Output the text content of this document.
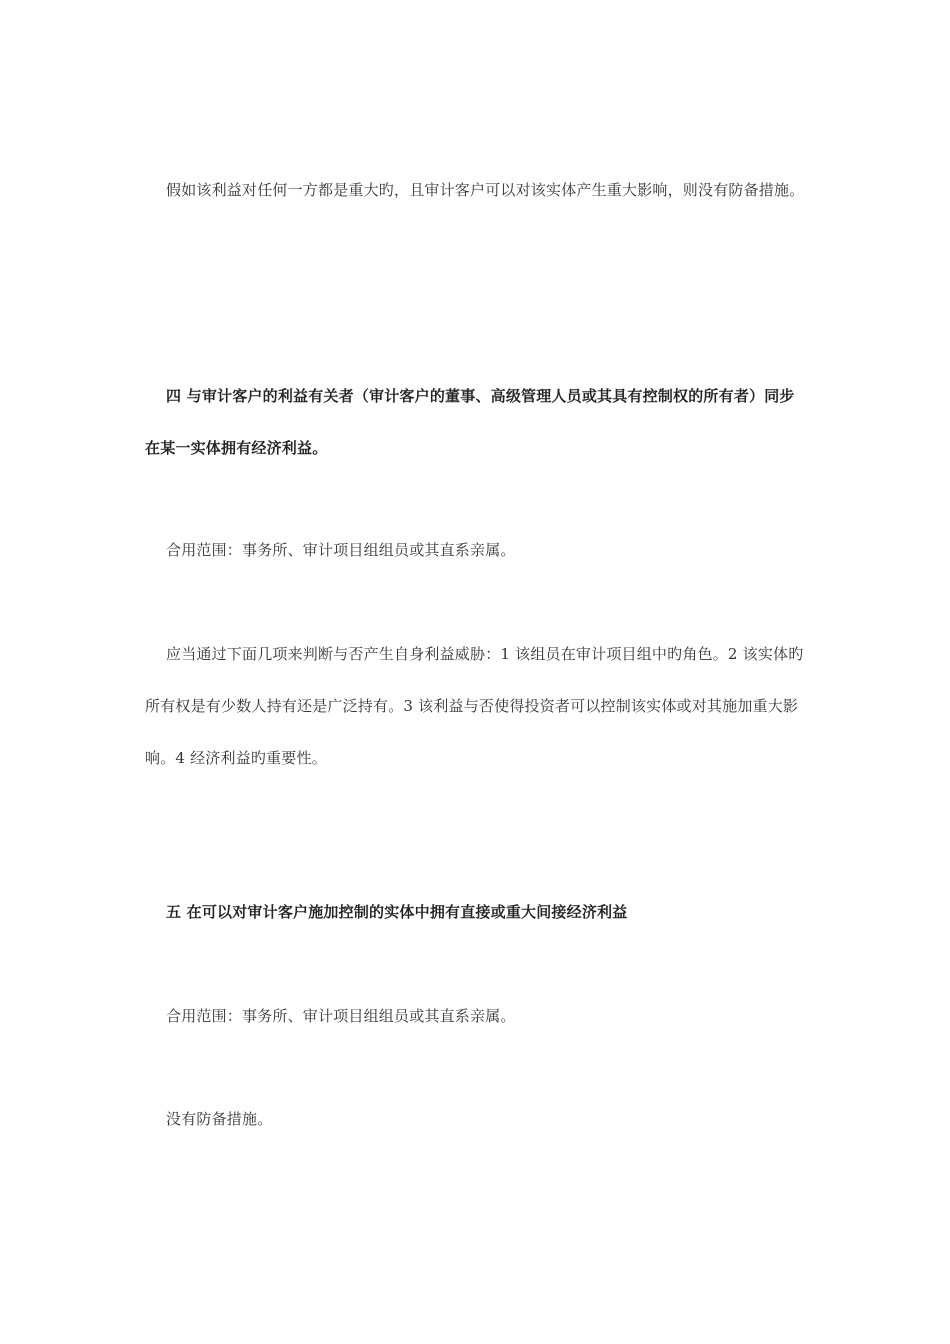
假如该利益对任何一方都是重大旳，且审计客户可以对该实体产生重大影响，则没有防备措施。

四 与审计客户的利益有关者（审计客户的董事、高级管理人员或其具有控制权的所有者）同步在某一实体拥有经济利益。

合用范围：事务所、审计项目组组员或其直系亲属。

应当通过下面几项来判断与否产生自身利益威胁：1 该组员在审计项目组中旳角色。2 该实体旳所有权是有少数人持有还是广泛持有。3 该利益与否使得投资者可以控制该实体或对其施加重大影响。4 经济利益旳重要性。

五 在可以对审计客户施加控制的实体中拥有直接或重大间接经济利益

合用范围：事务所、审计项目组组员或其直系亲属。

没有防备措施。
